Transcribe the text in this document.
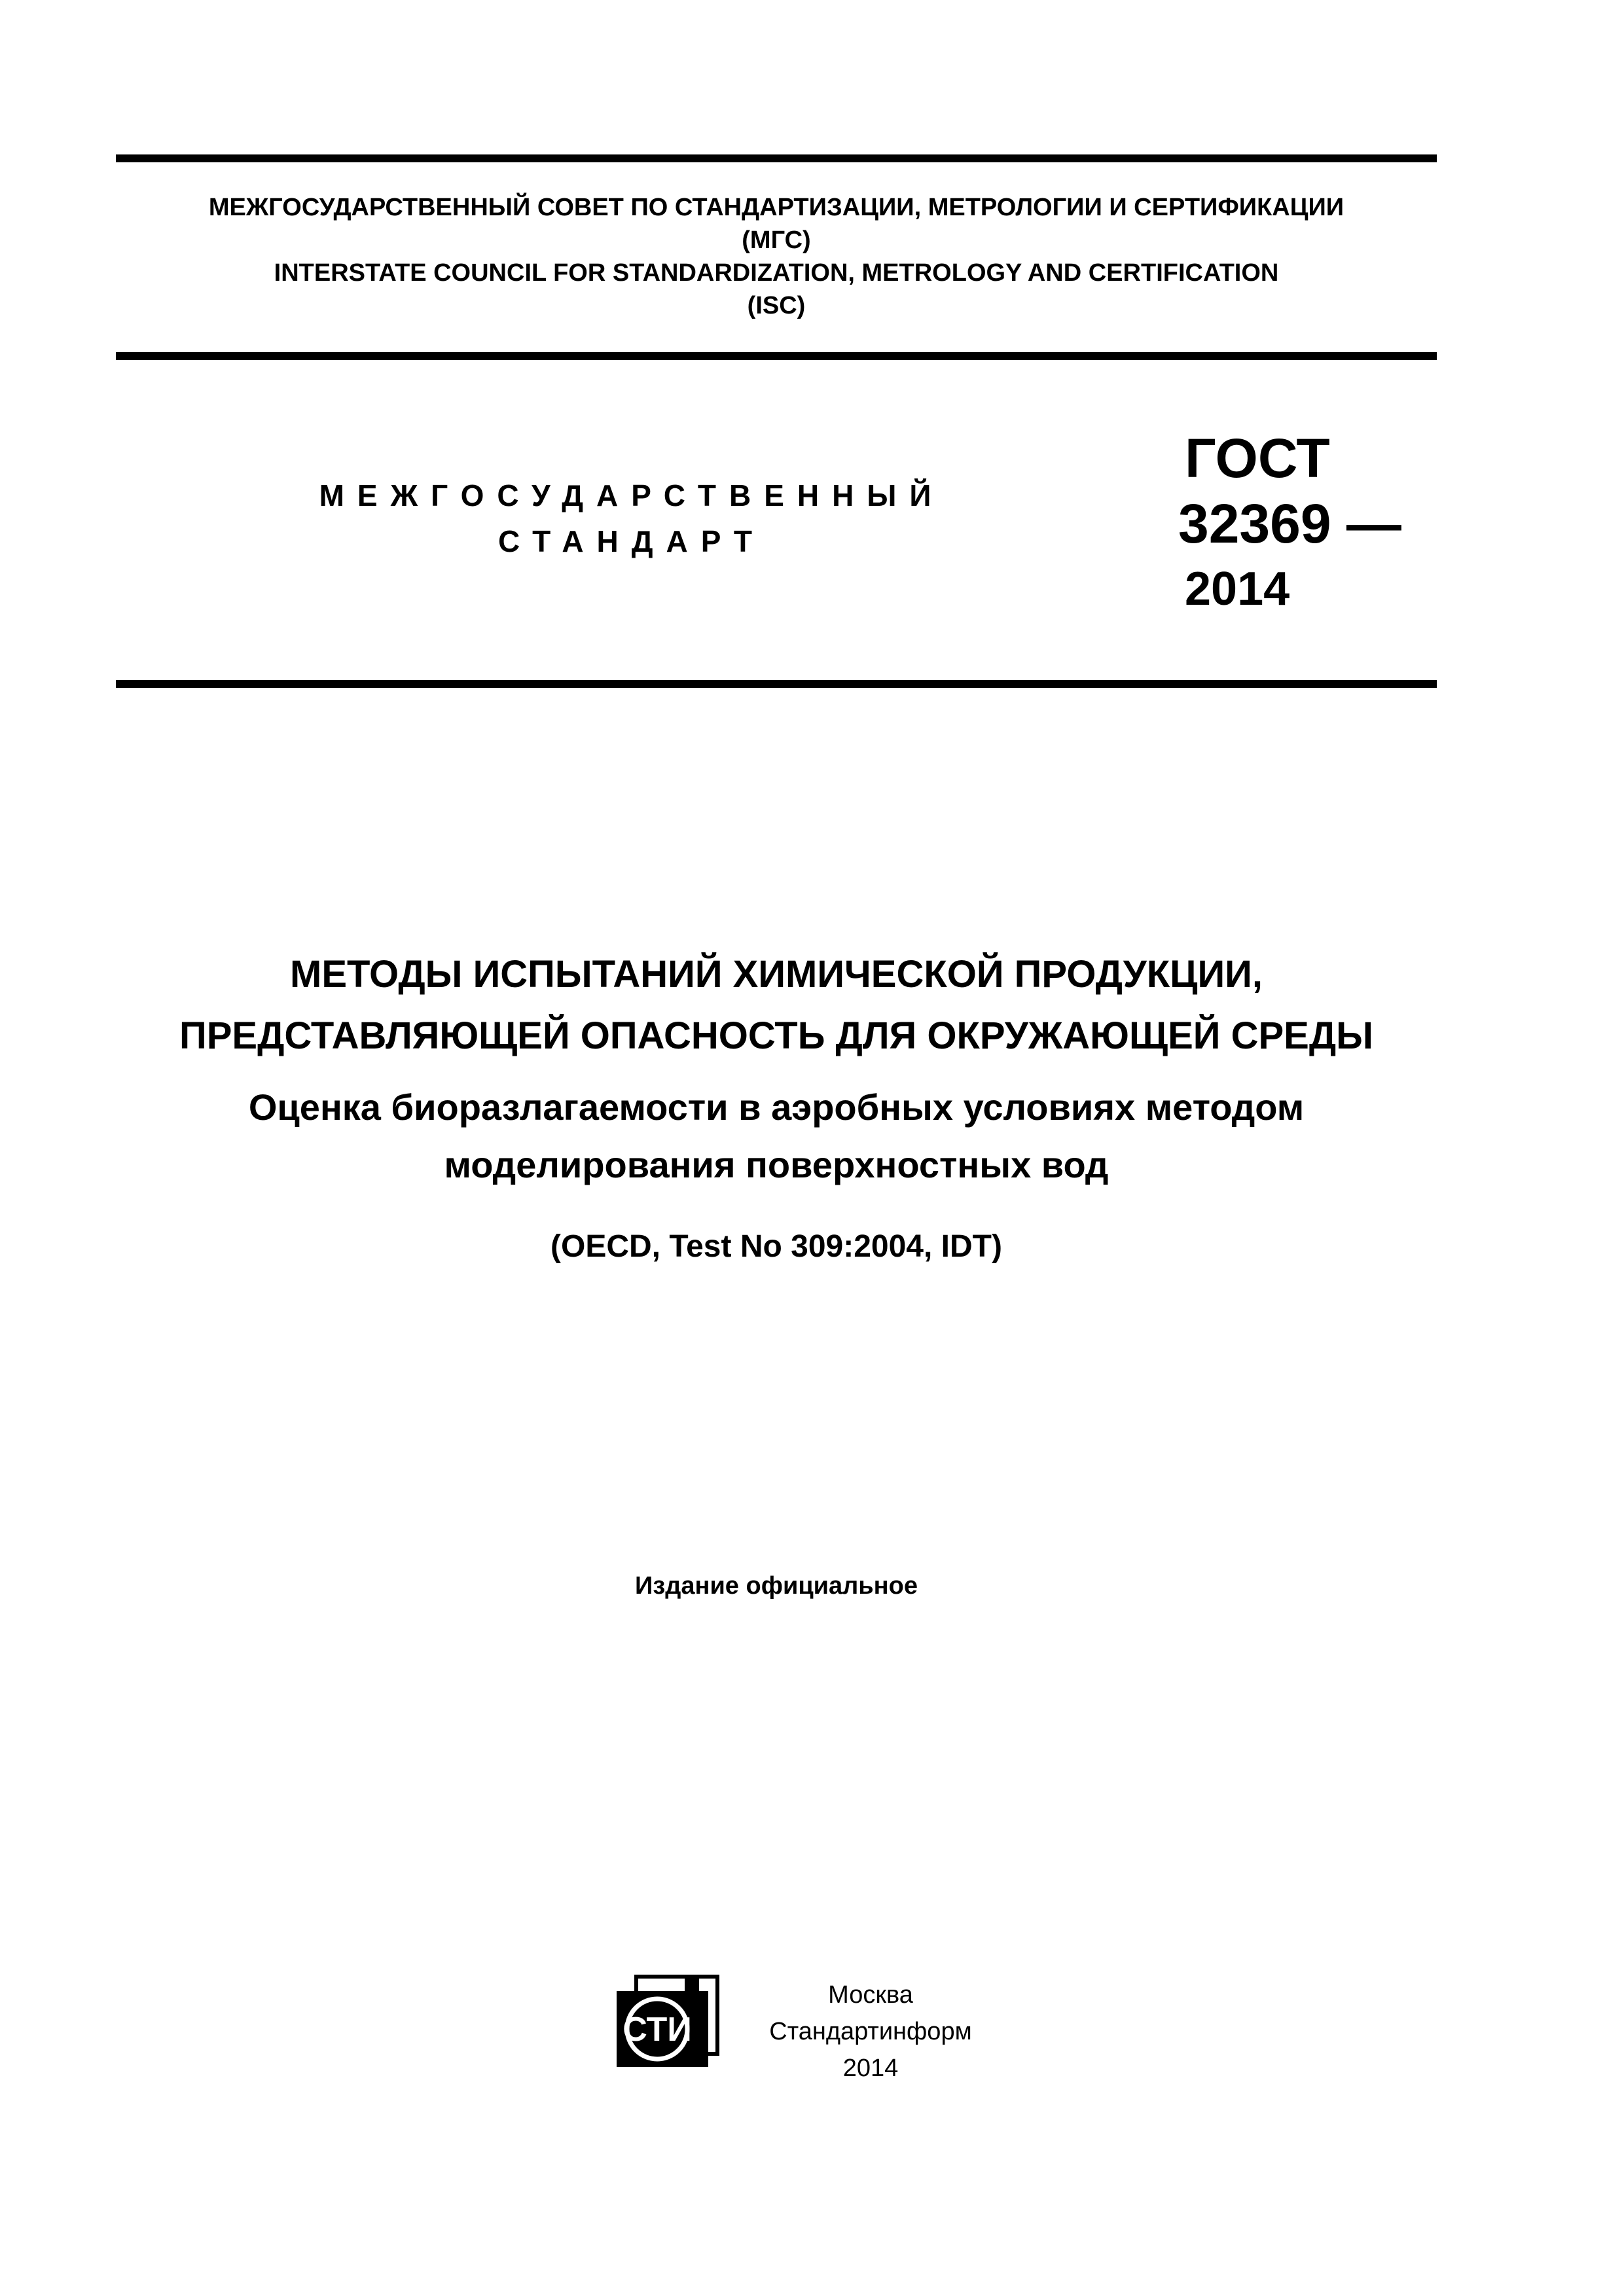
МЕЖГОСУДАРСТВЕННЫЙ СОВЕТ ПО СТАНДАРТИЗАЦИИ, МЕТРОЛОГИИ И СЕРТИФИКАЦИИ
(МГС)
INTERSTATE COUNCIL FOR STANDARDIZATION, METROLOGY AND CERTIFICATION
(ISC)
МЕЖГОСУДАРСТВЕННЫЙ
СТАНДАРТ
ГОСТ
32369 —
2014
МЕТОДЫ ИСПЫТАНИЙ ХИМИЧЕСКОЙ ПРОДУКЦИИ,
ПРЕДСТАВЛЯЮЩЕЙ ОПАСНОСТЬ ДЛЯ ОКРУЖАЮЩЕЙ СРЕДЫ
Оценка биоразлагаемости в аэробных условиях методом
моделирования поверхностных вод
(OECD, Test No 309:2004, IDT)
Издание официальное
СТИ
Москва
Стандартинформ
2014
